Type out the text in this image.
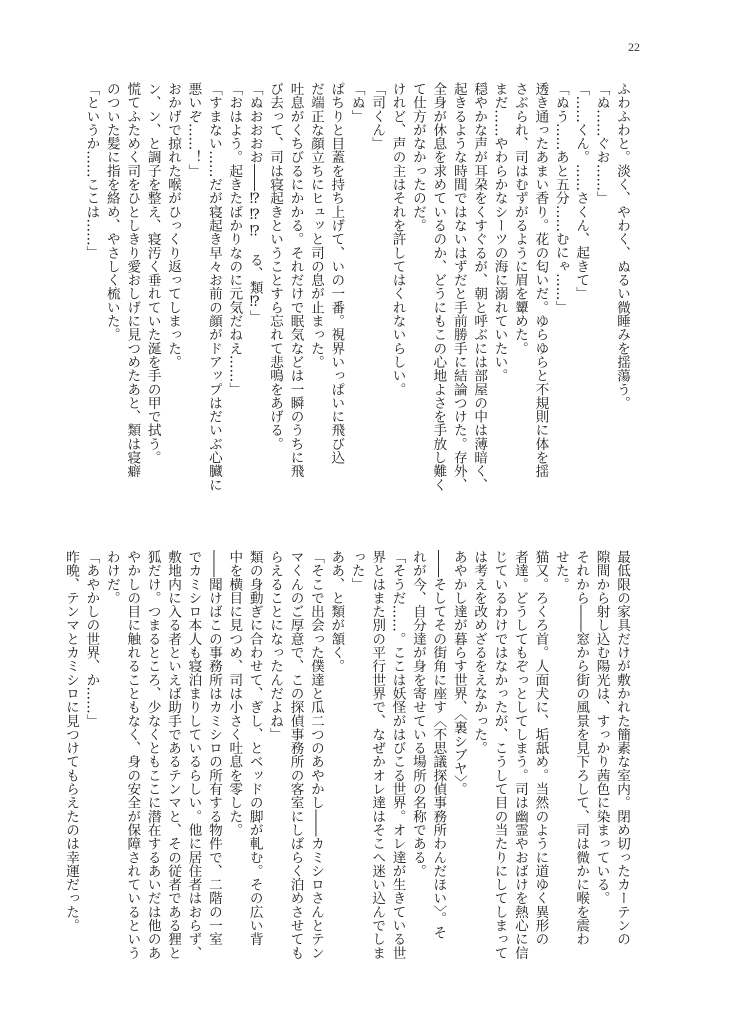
22
ふわふわと。淡く、やわく、ぬるい微睡みを揺蕩う。
「ぬ……ぐお……」
「……くん。……さくん、起きて」
「ぬう……あと五分……むにゃ……」
透き通ったあまい香り。花の匂いだ。ゆらゆらと不規則に体を揺
さぶられ、司はむずがるように眉を顰めた。
まだ……やわらかなシーツの海に溺れていたい。
穏やかな声が耳朶をくすぐるが、朝と呼ぶには部屋の中は薄暗く、
起きるような時間ではないはずだと手前勝手に結論つけた。存外、
全身が休息を求めているのか、どうにもこの心地よさを手放し難く
て仕方がなかったのだ。
けれど、声の主はそれを許してはくれないらしい。
「司くん」
「ぬ」
ぱちりと目蓋を持ち上げて、いの一番。視界いっぱいに飛び込
だ端正な顔立ちにヒュッと司の息が止まった。
吐息がくちびるにかかる。それだけで眠気などは一瞬のうちに飛
び去って、司は寝起きということすら忘れて悲鳴をあげる。
「ぬおおおお――⁉⁉⁉　る、類⁉」
「おはよう。起きたばかりなのに元気だねえ……」
「すまない……だが寝起き早々お前の顔がドアップはだいぶ心臓に
悪いぞ……！」
おかげで掠れた喉がひっくり返ってしまった。
ン、ン、と調子を整え、寝汚く垂れていた涎を手の甲で拭う。
慌てふためく司をひとしきり愛おしげに見つめたあと、類は寝癖
のついた髪に指を絡め、やさしく梳いた。
「というか……ここは……」
最低限の家具だけが敷かれた簡素な室内。閉め切ったカーテンの
隙間から射し込む陽光は、すっかり茜色に染まっている。
それから――窓から街の風景を見下ろして、司は微かに喉を震わ
せた。
猫又。ろくろ首。人面犬に、垢舐め。当然のように道ゆく異形の
者達。どうしてもぞっとしてしまう。司は幽霊やおばけを熱心に信
じているわけではなかったが、こうして目の当たりにしてしまって
は考えを改めざるをえなかった。
あやかし達が暮らす世界、〈裏シブヤ〉。
――そしてその街角に座す〈不思議探偵事務所わんだほい〉。そ
れが今、自分達が身を寄せている場所の名称である。
「そうだ……。ここは妖怪がはびこる世界。オレ達が生きている世
界とはまた別の平行世界で、なぜかオレ達はそこへ迷い込んでしま
った」
ああ、と類が頷く。
「そこで出会った僕達と瓜二つのあやかし――カミシロさんとテン
マくんのご厚意で、この探偵事務所の客室にしばらく泊めさせても
らえることになったんだよね」
類の身動ぎに合わせて、ぎし、とベッドの脚が軋む。その広い背
中を横目に見つめ、司は小さく吐息を零した。
――聞けばこの事務所はカミシロの所有する物件で、二階の一室
でカミシロ本人も寝泊まりしているらしい。他に居住者はおらず、
敷地内に入る者といえば助手であるテンマと、その従者である狸と
狐だけ。つまるところ、少なくともここに潜在するあいだは他のあ
やかしの目に触れることもなく、身の安全が保障されているという
わけだ。
「あやかしの世界、か……」
昨晩、テンマとカミシロに見つけてもらえたのは幸運だった。
